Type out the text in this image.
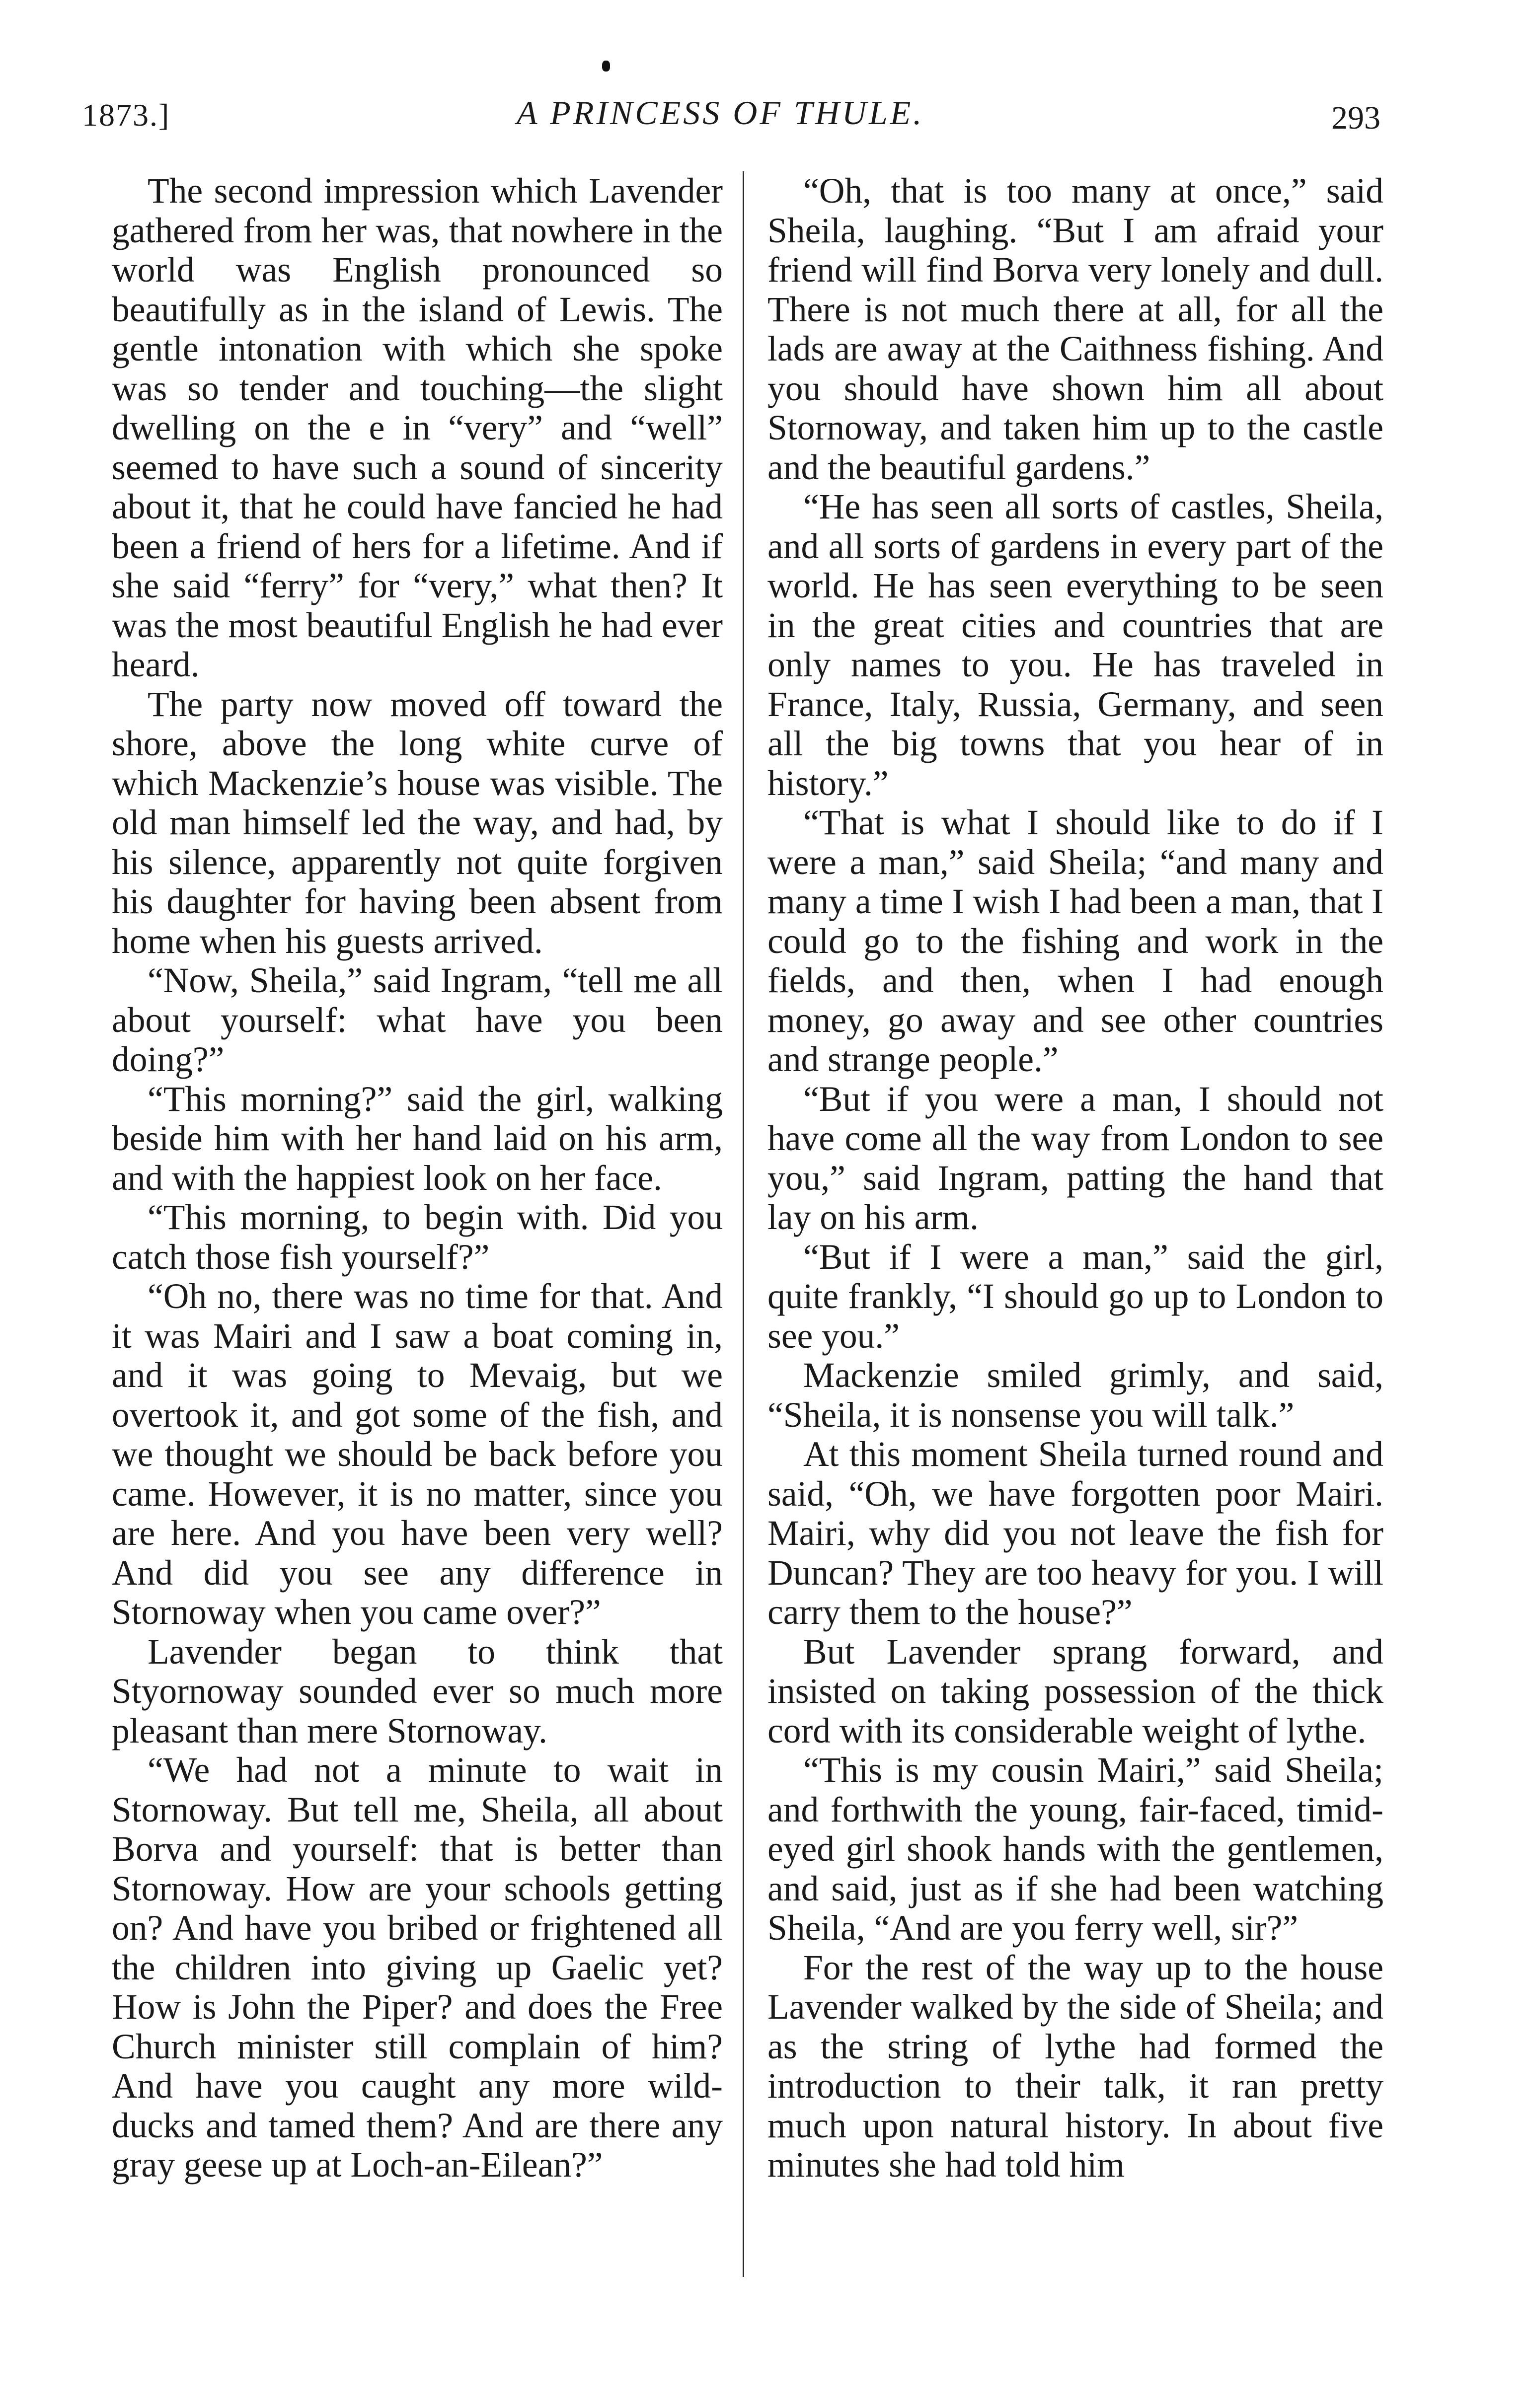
1873.]	A PRINCESS OF THULE.	293

The second impression which Lavender gathered from her was, that nowhere in the world was English pronounced so beautifully as in the island of Lewis. The gentle intonation with which she spoke was so tender and touching—the slight dwelling on the e in “very” and “well” seemed to have such a sound of sincerity about it, that he could have fancied he had been a friend of hers for a lifetime. And if she said “ferry” for “very,” what then? It was the most beautiful English he had ever heard.

The party now moved off toward the shore, above the long white curve of which Mackenzie’s house was visible. The old man himself led the way, and had, by his silence, apparently not quite forgiven his daughter for having been absent from home when his guests arrived.

“Now, Sheila,” said Ingram, “tell me all about yourself: what have you been doing?”

“This morning?” said the girl, walking beside him with her hand laid on his arm, and with the happiest look on her face.

“This morning, to begin with. Did you catch those fish yourself?”

“Oh no, there was no time for that. And it was Mairi and I saw a boat coming in, and it was going to Mevaig, but we overtook it, and got some of the fish, and we thought we should be back before you came. However, it is no matter, since you are here. And you have been very well? And did you see any difference in Stornoway when you came over?”

Lavender began to think that Styornoway sounded ever so much more pleasant than mere Stornoway.

“We had not a minute to wait in Stornoway. But tell me, Sheila, all about Borva and yourself: that is better than Stornoway. How are your schools getting on? And have you bribed or frightened all the children into giving up Gaelic yet? How is John the Piper? and does the Free Church minister still complain of him? And have you caught any more wild-ducks and tamed them? And are there any gray geese up at Loch-an-Eilean?”

“Oh, that is too many at once,” said Sheila, laughing. “But I am afraid your friend will find Borva very lonely and dull. There is not much there at all, for all the lads are away at the Caithness fishing. And you should have shown him all about Stornoway, and taken him up to the castle and the beautiful gardens.”

“He has seen all sorts of castles, Sheila, and all sorts of gardens in every part of the world. He has seen everything to be seen in the great cities and countries that are only names to you. He has traveled in France, Italy, Russia, Germany, and seen all the big towns that you hear of in history.”

“That is what I should like to do if I were a man,” said Sheila; “and many and many a time I wish I had been a man, that I could go to the fishing and work in the fields, and then, when I had enough money, go away and see other countries and strange people.”

“But if you were a man, I should not have come all the way from London to see you,” said Ingram, patting the hand that lay on his arm.

“But if I were a man,” said the girl, quite frankly, “I should go up to London to see you.”

Mackenzie smiled grimly, and said, “Sheila, it is nonsense you will talk.”

At this moment Sheila turned round and said, “Oh, we have forgotten poor Mairi. Mairi, why did you not leave the fish for Duncan? They are too heavy for you. I will carry them to the house?”

But Lavender sprang forward, and insisted on taking possession of the thick cord with its considerable weight of lythe.

“This is my cousin Mairi,” said Sheila; and forthwith the young, fair-faced, timid-eyed girl shook hands with the gentlemen, and said, just as if she had been watching Sheila, “And are you ferry well, sir?”

For the rest of the way up to the house Lavender walked by the side of Sheila; and as the string of lythe had formed the introduction to their talk, it ran pretty much upon natural history. In about five minutes she had told him
